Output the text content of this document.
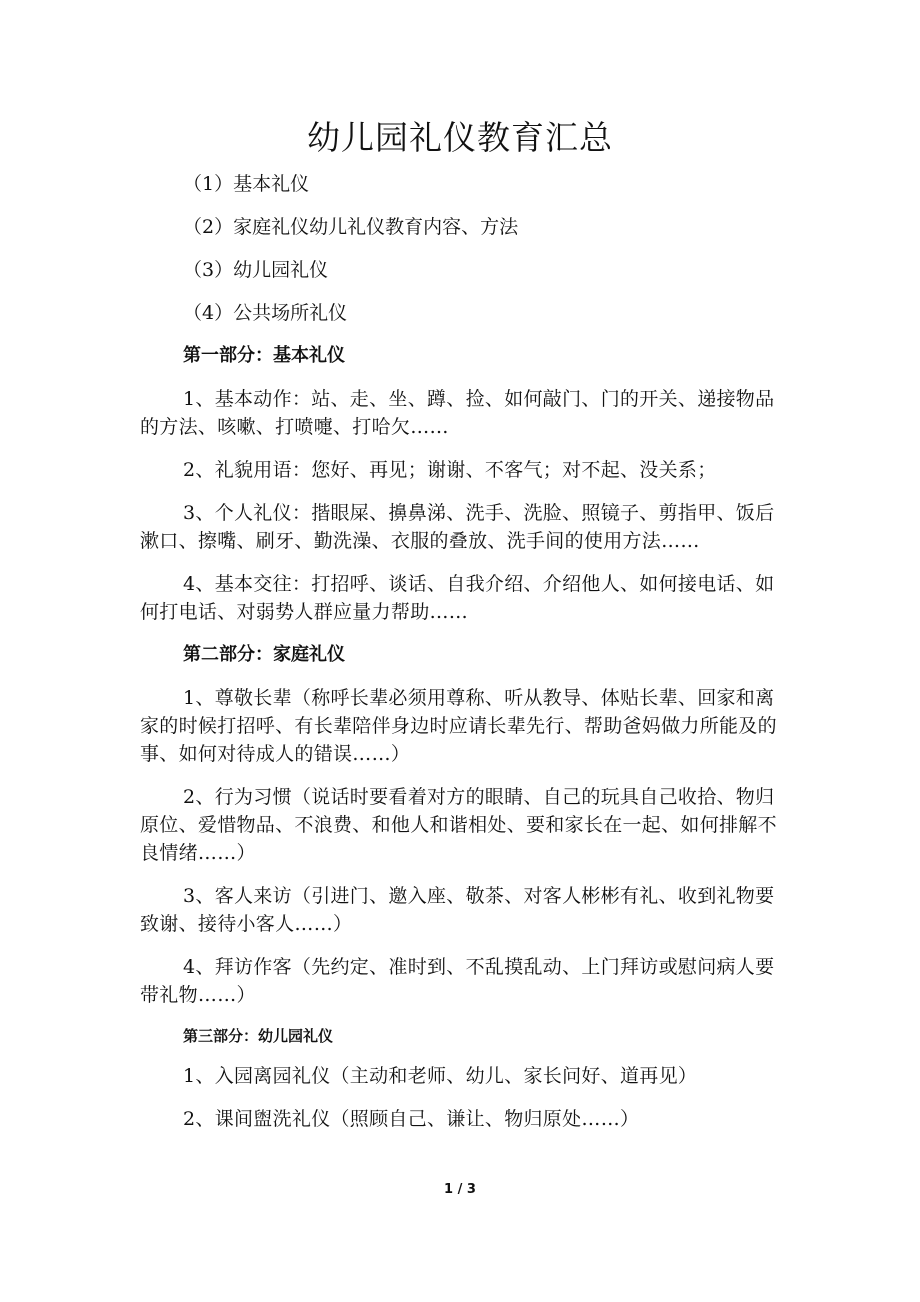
幼儿园礼仪教育汇总

（1）基本礼仪

（2）家庭礼仪幼儿礼仪教育内容、方法

（3）幼儿园礼仪

（4）公共场所礼仪

第一部分：基本礼仪

1、基本动作：站、走、坐、蹲、捡、如何敲门、门的开关、递接物品的方法、咳嗽、打喷嚏、打哈欠……

2、礼貌用语：您好、再见；谢谢、不客气；对不起、没关系；

3、个人礼仪：揩眼屎、擤鼻涕、洗手、洗脸、照镜子、剪指甲、饭后漱口、擦嘴、刷牙、勤洗澡、衣服的叠放、洗手间的使用方法……

4、基本交往：打招呼、谈话、自我介绍、介绍他人、如何接电话、如何打电话、对弱势人群应量力帮助……

第二部分：家庭礼仪

1、尊敬长辈（称呼长辈必须用尊称、听从教导、体贴长辈、回家和离家的时候打招呼、有长辈陪伴身边时应请长辈先行、帮助爸妈做力所能及的事、如何对待成人的错误……）

2、行为习惯（说话时要看着对方的眼睛、自己的玩具自己收拾、物归原位、爱惜物品、不浪费、和他人和谐相处、要和家长在一起、如何排解不良情绪……）

3、客人来访（引进门、邀入座、敬茶、对客人彬彬有礼、收到礼物要致谢、接待小客人……）

4、拜访作客（先约定、准时到、不乱摸乱动、上门拜访或慰问病人要带礼物……）

第三部分：幼儿园礼仪

1、入园离园礼仪（主动和老师、幼儿、家长问好、道再见）

2、课间盥洗礼仪（照顾自己、谦让、物归原处……）

1 / 3
